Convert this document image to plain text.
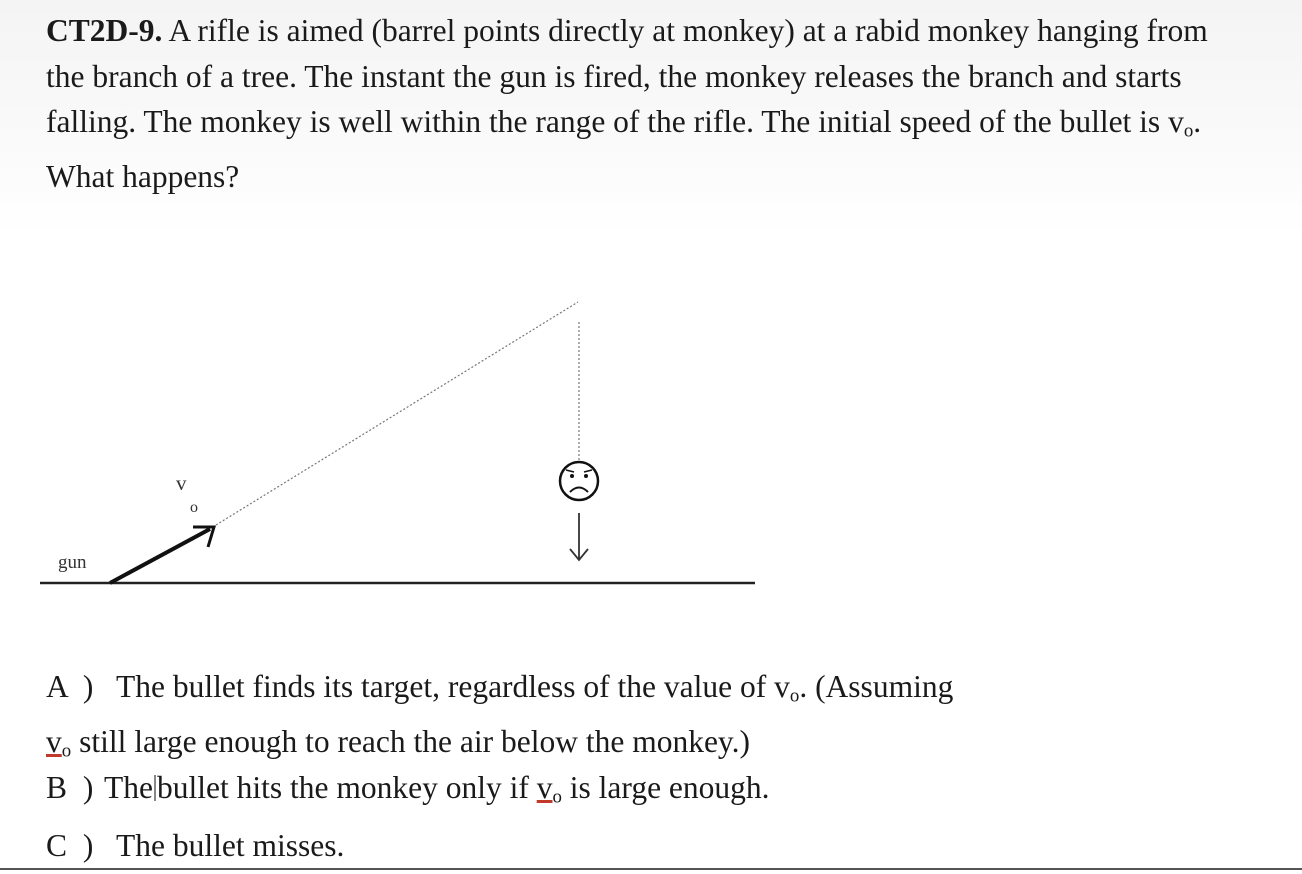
CT2D-9. A rifle is aimed (barrel points directly at monkey) at a rabid monkey hanging from the branch of a tree. The instant the gun is fired, the monkey releases the branch and starts falling. The monkey is well within the range of the rifle. The initial speed of the bullet is $v_o$. What happens?

gun
v
o

A ) The bullet finds its target, regardless of the value of $v_o$. (Assuming
$v_o$ still large enough to reach the air below the monkey.)

B ) The bullet hits the monkey only if $v_o$ is large enough.

C ) The bullet misses.
